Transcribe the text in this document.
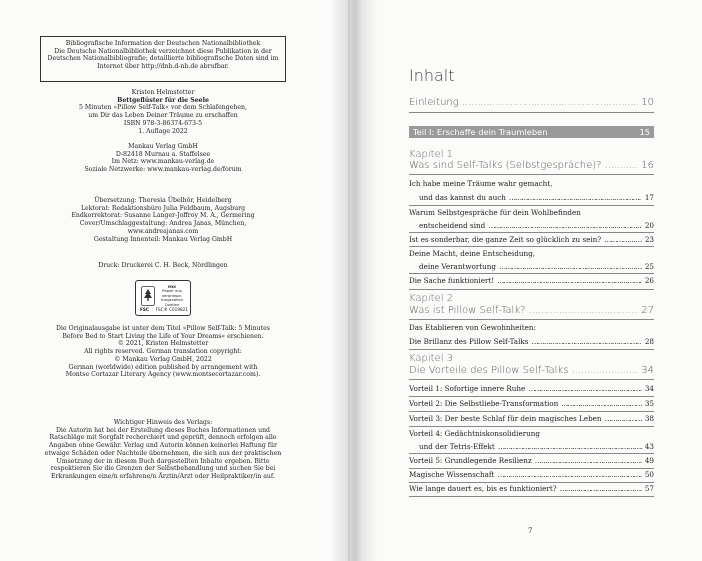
Bibliografische Information der Deutschen Nationalbibliothek
Die Deutsche Nationalbibliothek verzeichnet diese Publikation in der
Deutschen Nationalbibliografie; detaillierte bibliografische Daten sind im
Internet über http://dnb.d-nb.de abrufbar.
Kristen Helmstetter
Bettgeflüster für die Seele
5 Minuten »Pillow Self-Talk« vor dem Schlafengehen,
um Dir das Leben Deiner Träume zu erschaffen
ISBN 978-3-86374-673-5
1. Auflage 2022
Mankau Verlag GmbH
D-82418 Murnau a. Staffelsee
Im Netz: www.mankau-verlag.de
Soziale Netzwerke: www.mankau-verlag.de/forum
Übersetzung: Theresia Übelhör, Heidelberg
Lektorat: Redaktionsbüro Julia Feldbaum, Augsburg
Endkorrektorat: Susanne Langer-Joffroy M. A., Germering
Cover/Umschlaggestaltung: Andrea Janas, München,
www.andreajanas.com
Gestaltung Innenteil: Mankau Verlag GmbH
Druck: Druckerei C. H. Beck, Nördlingen
MIX
Papier aus verantwor-
tungsvollen Quellen
FSC FSC® C019821
Die Originalausgabe ist unter dem Titel »Pillow Self-Talk: 5 Minutes
Before Bed to Start Living the Life of Your Dreams« erschienen.
© 2021, Kristen Helmstetter
All rights reserved. German translation copyright:
© Mankau Verlag GmbH, 2022
German (worldwide) edition published by arrangement with
Montse Cortazar Literary Agency (www.montsecortazar.com).
Wichtiger Hinweis des Verlags:
Die Autorin hat bei der Erstellung dieses Buches Informationen und
Ratschläge mit Sorgfalt recherchiert und geprüft, dennoch erfolgen alle
Angaben ohne Gewähr. Verlag und Autorin können keinerlei Haftung für
etwaige Schäden oder Nachteile übernehmen, die sich aus der praktischen
Umsetzung der in diesem Buch dargestellten Inhalte ergeben. Bitte
respektieren Sie die Grenzen der Selbstbehandlung und suchen Sie bei
Erkrankungen eine/n erfahrene/n Ärztin/Arzt oder Heilpraktiker/in auf.
Inhalt
Einleitung ……………………………………………………………………………………………………………………………………………………………………	10
Teil I: Erschaffe dein Traumleben	15
Kapitel 1
Was sind Self-Talks (Selbstgespräche)? ……………………………………………………………………………………………………………………………………………………………………	16
Ich habe meine Träume wahr gemacht,
und das kannst du auch ……………………………………………………………………………………………………………………………………………………………………	17
Warum Selbstgespräche für dein Wohlbefinden
entscheidend sind ……………………………………………………………………………………………………………………………………………………………………	20
Ist es sonderbar, die ganze Zeit so glücklich zu sein? ……………………………………………………………………………………………………………………………………………………………………	23
Deine Macht, deine Entscheidung,
deine Verantwortung ……………………………………………………………………………………………………………………………………………………………………	25
Die Sache funktioniert! ……………………………………………………………………………………………………………………………………………………………………	26
Kapitel 2
Was ist Pillow Self-Talk? ……………………………………………………………………………………………………………………………………………………………………	27
Das Etablieren von Gewohnheiten:
Die Brillanz des Pillow Self-Talks ……………………………………………………………………………………………………………………………………………………………………	28
Kapitel 3
Die Vorteile des Pillow Self-Talks ……………………………………………………………………………………………………………………………………………………………………	34
Vorteil 1: Sofortige innere Ruhe ……………………………………………………………………………………………………………………………………………………………………	34
Vorteil 2: Die Selbstliebe-Transformation ……………………………………………………………………………………………………………………………………………………………………	35
Vorteil 3: Der beste Schlaf für dein magisches Leben ……………………………………………………………………………………………………………………………………………………………………	38
Vorteil 4: Gedächtniskonsolidierung
und der Tetris-Effekt ……………………………………………………………………………………………………………………………………………………………………	43
Vorteil 5: Grundlegende Resilienz ……………………………………………………………………………………………………………………………………………………………………	49
Magische Wissenschaft ……………………………………………………………………………………………………………………………………………………………………	50
Wie lange dauert es, bis es funktioniert? ……………………………………………………………………………………………………………………………………………………………………	57
7
